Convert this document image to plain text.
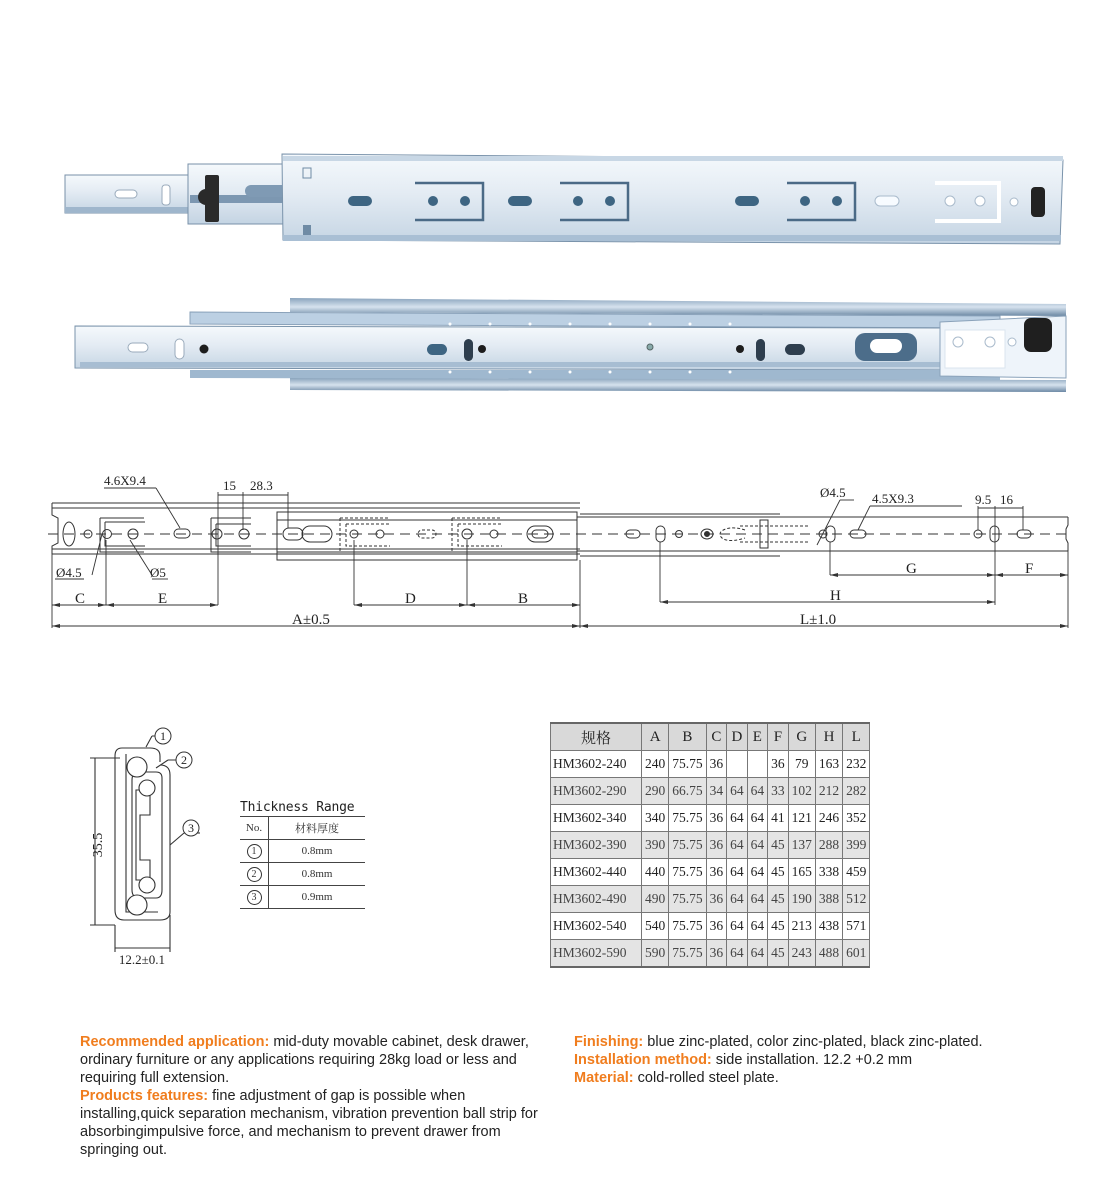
4.6X9.4	15 28.3
Ø4.5	Ø5
C	E	D	B
A±0.5
Ø4.5 4.5X9.3	9.5 16
G	F
H
L±1.0
1
2
3
35.5
12.2±0.1
Thickness Range
No.	材料厚度
1	0.8mm
2	0.8mm
3	0.9mm
规格	A	B	C	D	E	F	G	H	L
HM3602-240	240	75.75	36			36	79	163	232
HM3602-290	290	66.75	34	64	64	33	102	212	282
HM3602-340	340	75.75	36	64	64	41	121	246	352
HM3602-390	390	75.75	36	64	64	45	137	288	399
HM3602-440	440	75.75	36	64	64	45	165	338	459
HM3602-490	490	75.75	36	64	64	45	190	388	512
HM3602-540	540	75.75	36	64	64	45	213	438	571
HM3602-590	590	75.75	36	64	64	45	243	488	601
Recommended application: mid-duty movable cabinet, desk drawer, ordinary furniture or any applications requiring 28kg load or less and requiring full extension.
Products features: fine adjustment of gap is possible when installing,quick separation mechanism, vibration prevention ball strip for absorbingimpulsive force, and mechanism to prevent drawer from springing out.
Finishing: blue zinc-plated, color zinc-plated, black zinc-plated.
Installation method: side installation. 12.2 +0.2 mm
Material: cold-rolled steel plate.
